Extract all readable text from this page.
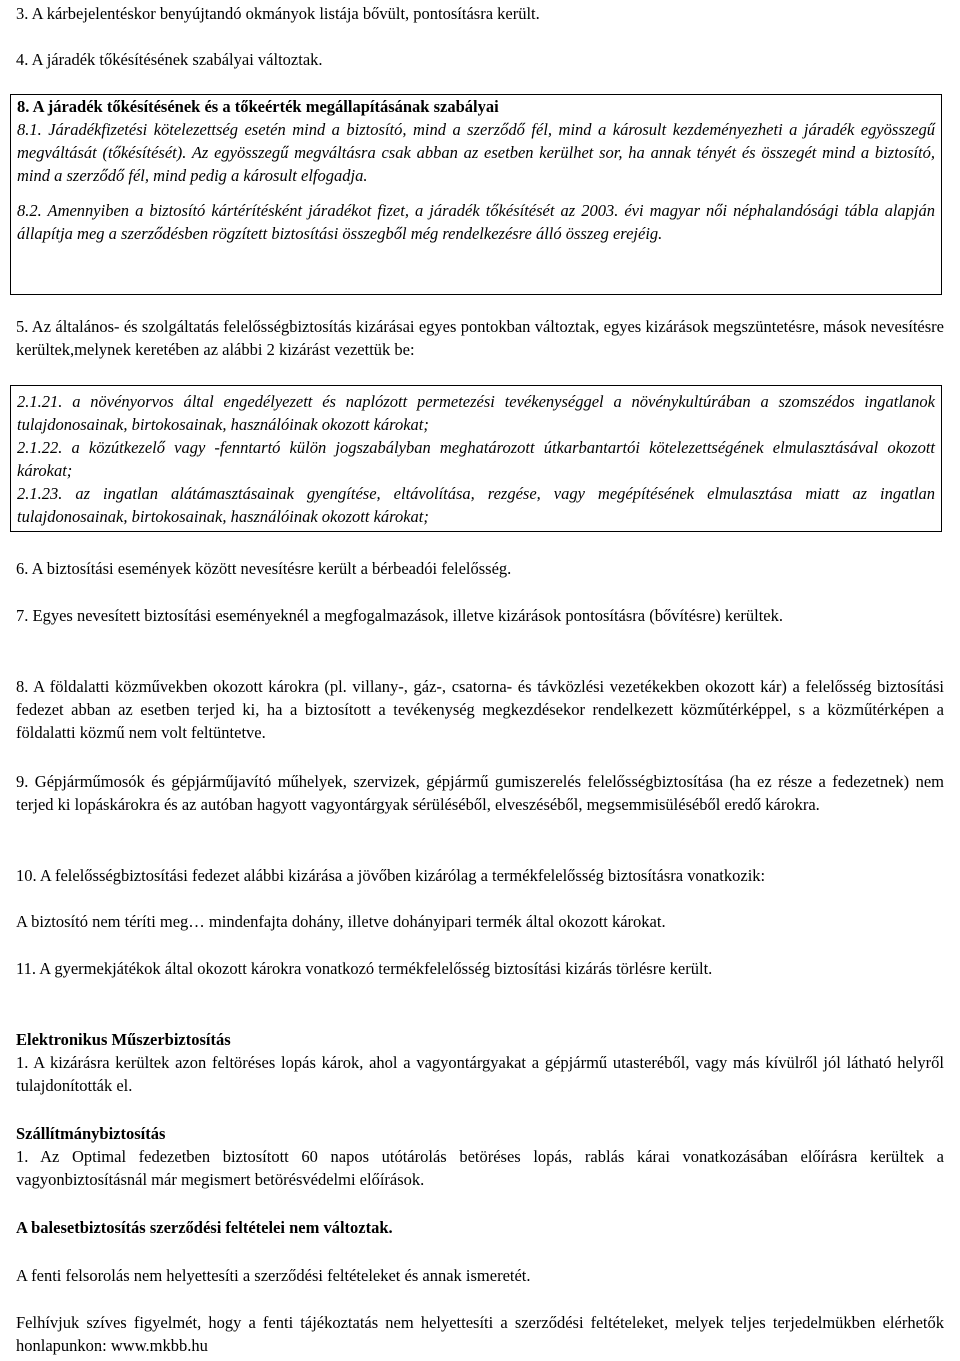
3. A kárbejelentéskor benyújtandó okmányok listája bővült, pontosításra került.

4. A járadék tőkésítésének szabályai változtak.

8. A járadék tőkésítésének és a tőkeérték megállapításának szabályai

8.1. Járadékfizetési kötelezettség esetén mind a biztosító, mind a szerződő fél, mind a károsult kezdeményezheti a járadék egyösszegű megváltását (tőkésítését). Az egyösszegű megváltásra csak abban az esetben kerülhet sor, ha annak tényét és összegét mind a biztosító, mind a szerződő fél, mind pedig a károsult elfogadja.

8.2. Amennyiben a biztosító kártérítésként járadékot fizet, a járadék tőkésítését az 2003. évi magyar női néphalandósági tábla alapján állapítja meg a szerződésben rögzített biztosítási összegből még rendelkezésre álló összeg erejéig.

5. Az általános- és szolgáltatás felelősségbiztosítás kizárásai egyes pontokban változtak, egyes kizárások megszüntetésre, mások nevesítésre kerültek,melynek keretében az alábbi 2 kizárást vezettük be:

2.1.21. a növényorvos által engedélyezett és naplózott permetezési tevékenységgel a növénykultúrában a szomszédos ingatlanok tulajdonosainak, birtokosainak, használóinak okozott károkat;

2.1.22. a közútkezelő vagy -fenntartó külön jogszabályban meghatározott útkarbantartói kötelezettségének elmulasztásával okozott károkat;

2.1.23. az ingatlan alátámasztásainak gyengítése, eltávolítása, rezgése, vagy megépítésének elmulasztása miatt az ingatlan tulajdonosainak, birtokosainak, használóinak okozott károkat;

6. A biztosítási események között nevesítésre került a bérbeadói felelősség.

7. Egyes nevesített biztosítási eseményeknél a megfogalmazások, illetve kizárások pontosításra (bővítésre) kerültek.

8. A földalatti közművekben okozott károkra (pl. villany-, gáz-, csatorna- és távközlési vezetékekben okozott kár) a felelősség biztosítási fedezet abban az esetben terjed ki, ha a biztosított a tevékenység megkezdésekor rendelkezett közműtérképpel, s a közműtérképen a földalatti közmű nem volt feltüntetve.

9. Gépjárműmosók és gépjárműjavító műhelyek, szervizek, gépjármű gumiszerelés felelősségbiztosítása (ha ez része a fedezetnek) nem terjed ki lopáskárokra és az autóban hagyott vagyontárgyak sérüléséből, elveszéséből, megsemmisüléséből eredő károkra.

10. A felelősségbiztosítási fedezet alábbi kizárása a jövőben kizárólag a termékfelelősség biztosításra vonatkozik:

A biztosító nem téríti meg… mindenfajta dohány, illetve dohányipari termék által okozott károkat.

11. A gyermekjátékok által okozott károkra vonatkozó termékfelelősség biztosítási kizárás törlésre került.

Elektronikus Műszerbiztosítás

1. A kizárásra kerültek azon feltöréses lopás károk, ahol a vagyontárgyakat a gépjármű utasteréből, vagy más kívülről jól látható helyről tulajdonították el.

Szállítmánybiztosítás

1. Az Optimal fedezetben biztosított 60 napos utótárolás betöréses lopás, rablás kárai vonatkozásában előírásra kerültek a vagyonbiztosításnál már megismert betörésvédelmi előírások.

A balesetbiztosítás szerződési feltételei nem változtak.

A fenti felsorolás nem helyettesíti a szerződési feltételeket és annak ismeretét.

Felhívjuk szíves figyelmét, hogy a fenti tájékoztatás nem helyettesíti a szerződési feltételeket, melyek teljes terjedelmükben elérhetők honlapunkon: www.mkbb.hu
